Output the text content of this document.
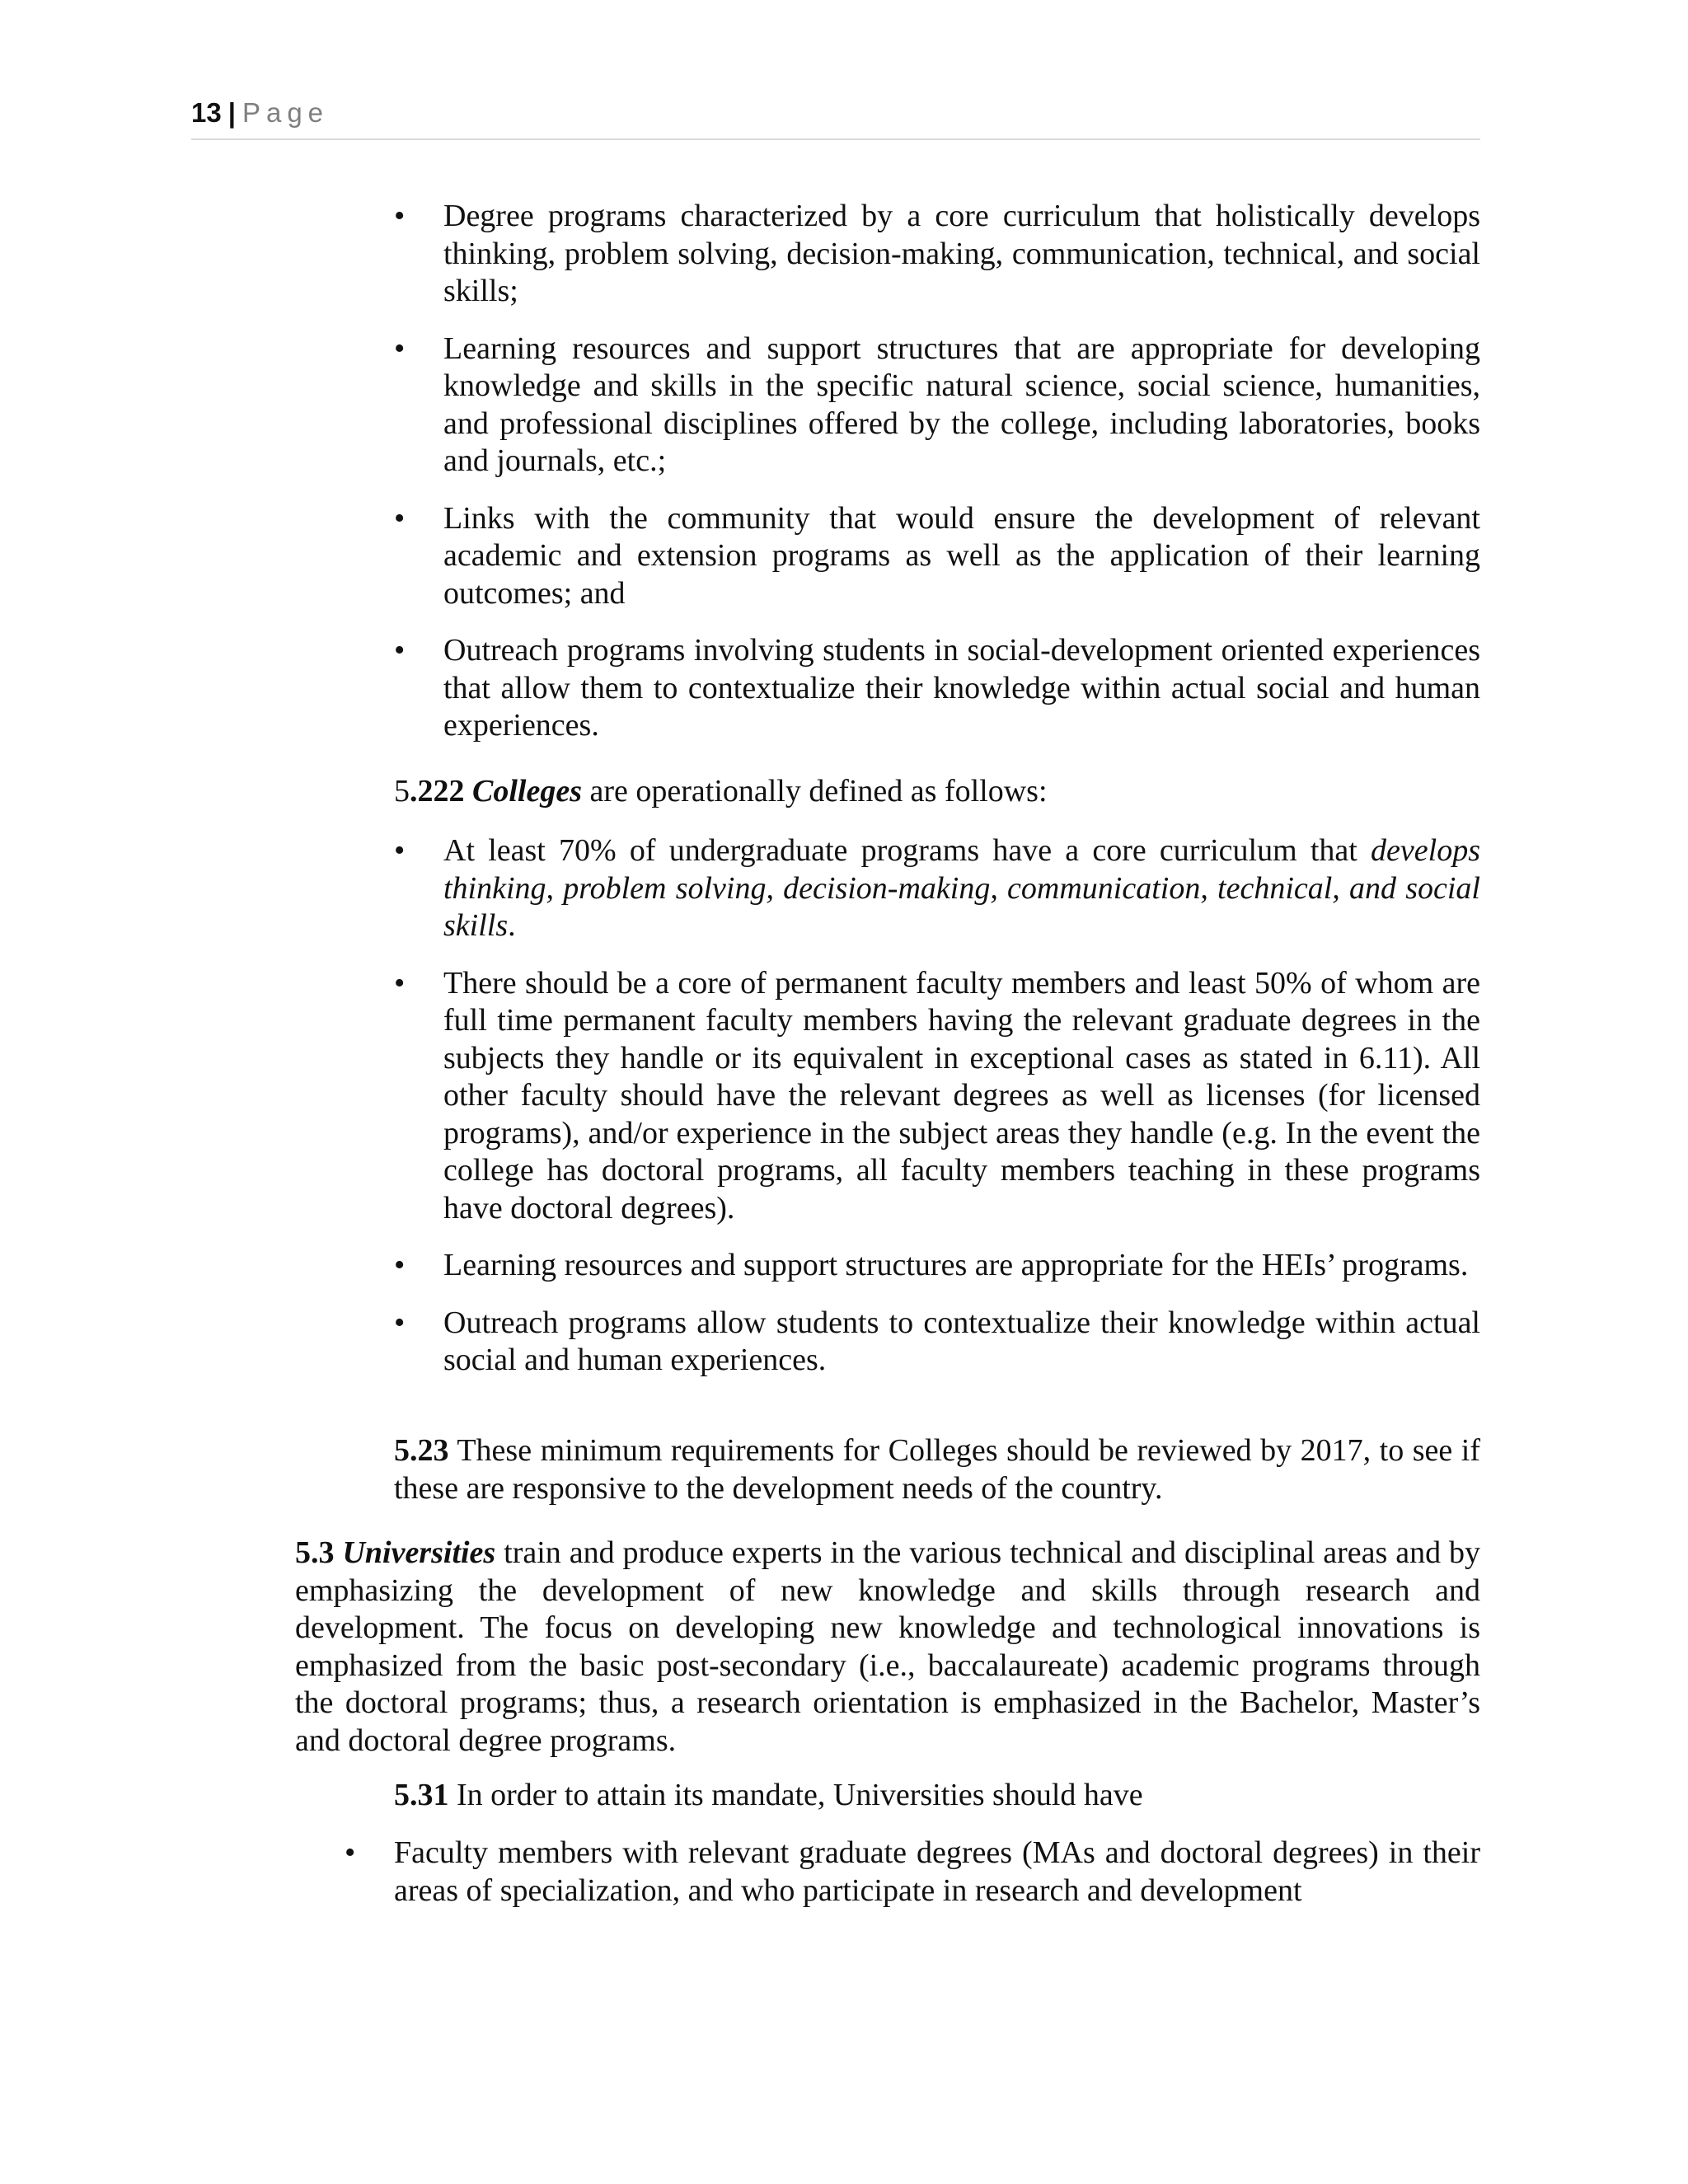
13 | Page
•	Degree programs characterized by a core curriculum that holistically develops thinking, problem solving, decision-making, communication, technical, and social skills;
•	Learning resources and support structures that are appropriate for developing knowledge and skills in the specific natural science, social science, humanities, and professional disciplines offered by the college, including laboratories, books and journals, etc.;
•	Links with the community that would ensure the development of relevant academic and extension programs as well as the application of their learning outcomes; and
•	Outreach programs involving students in social-development oriented experiences that allow them to contextualize their knowledge within actual social and human experiences.

5.222 Colleges are operationally defined as follows:

•	At least 70% of undergraduate programs have a core curriculum that develops thinking, problem solving, decision-making, communication, technical, and social skills.
•	There should be a core of permanent faculty members and least 50% of whom are full time permanent faculty members having the relevant graduate degrees in the subjects they handle or its equivalent in exceptional cases as stated in 6.11). All other faculty should have the relevant degrees as well as licenses (for licensed programs), and/or experience in the subject areas they handle (e.g. In the event the college has doctoral programs, all faculty members teaching in these programs have doctoral degrees).
•	Learning resources and support structures are appropriate for the HEIs’ programs.
•	Outreach programs allow students to contextualize their knowledge within actual social and human experiences.

5.23 These minimum requirements for Colleges should be reviewed by 2017, to see if these are responsive to the development needs of the country.

5.3 Universities train and produce experts in the various technical and disciplinal areas and by emphasizing the development of new knowledge and skills through research and development. The focus on developing new knowledge and technological innovations is emphasized from the basic post-secondary (i.e., baccalaureate) academic programs through the doctoral programs; thus, a research orientation is emphasized in the Bachelor, Master’s and doctoral degree programs.

5.31 In order to attain its mandate, Universities should have

•	Faculty members with relevant graduate degrees (MAs and doctoral degrees) in their areas of specialization, and who participate in research and development
